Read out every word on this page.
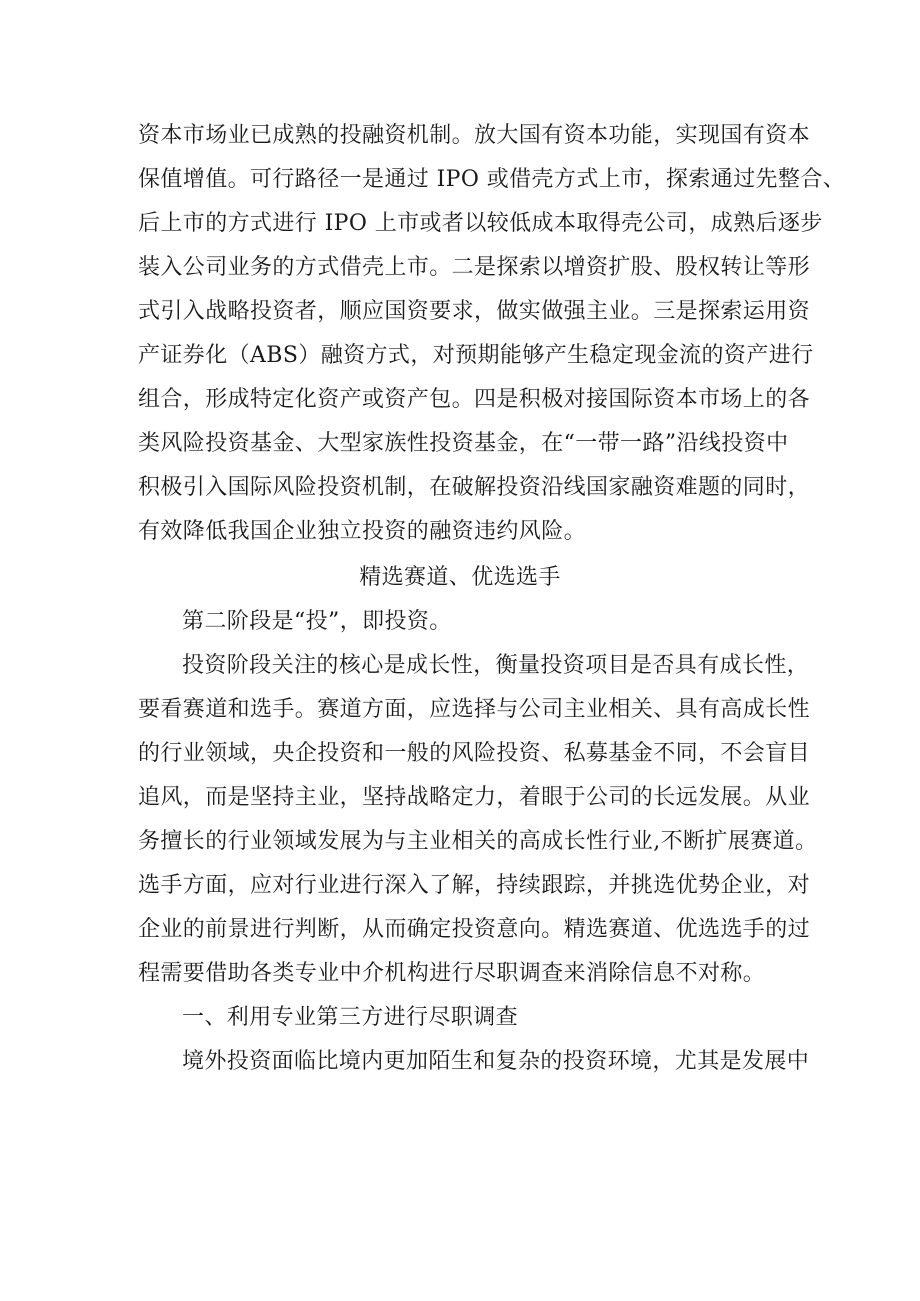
资本市场业已成熟的投融资机制。放大国有资本功能，实现国有资本
保值增值。可行路径一是通过 IPO 或借壳方式上市，探索通过先整合、
后上市的方式进行 IPO 上市或者以较低成本取得壳公司，成熟后逐步
装入公司业务的方式借壳上市。二是探索以增资扩股、股权转让等形
式引入战略投资者，顺应国资要求，做实做强主业。三是探索运用资
产证券化（ABS）融资方式，对预期能够产生稳定现金流的资产进行
组合，形成特定化资产或资产包。四是积极对接国际资本市场上的各
类风险投资基金、大型家族性投资基金，在“一带一路”沿线投资中
积极引入国际风险投资机制，在破解投资沿线国家融资难题的同时，
有效降低我国企业独立投资的融资违约风险。
精选赛道、优选选手
第二阶段是“投”，即投资。
投资阶段关注的核心是成长性，衡量投资项目是否具有成长性，
要看赛道和选手。赛道方面，应选择与公司主业相关、具有高成长性
的行业领域，央企投资和一般的风险投资、私募基金不同，不会盲目
追风，而是坚持主业，坚持战略定力，着眼于公司的长远发展。从业
务擅长的行业领域发展为与主业相关的高成长性行业,不断扩展赛道。
选手方面，应对行业进行深入了解，持续跟踪，并挑选优势企业，对
企业的前景进行判断，从而确定投资意向。精选赛道、优选选手的过
程需要借助各类专业中介机构进行尽职调查来消除信息不对称。
一、利用专业第三方进行尽职调查
境外投资面临比境内更加陌生和复杂的投资环境，尤其是发展中
